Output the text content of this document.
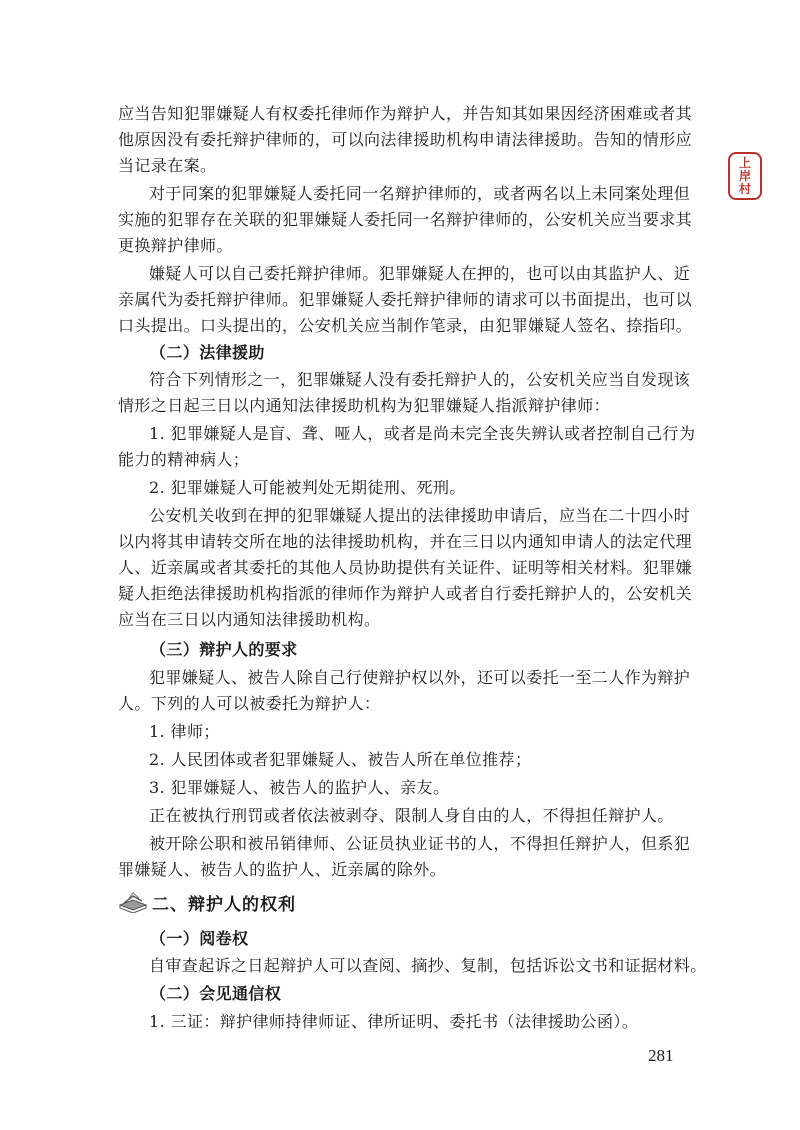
上
岸
村
应当告知犯罪嫌疑人有权委托律师作为辩护人，并告知其如果因经济困难或者其
他原因没有委托辩护律师的，可以向法律援助机构申请法律援助。告知的情形应
当记录在案。
对于同案的犯罪嫌疑人委托同一名辩护律师的，或者两名以上未同案处理但
实施的犯罪存在关联的犯罪嫌疑人委托同一名辩护律师的，公安机关应当要求其
更换辩护律师。
嫌疑人可以自己委托辩护律师。犯罪嫌疑人在押的，也可以由其监护人、近
亲属代为委托辩护律师。犯罪嫌疑人委托辩护律师的请求可以书面提出，也可以
口头提出。口头提出的，公安机关应当制作笔录，由犯罪嫌疑人签名、捺指印。
（二）法律援助
符合下列情形之一，犯罪嫌疑人没有委托辩护人的，公安机关应当自发现该
情形之日起三日以内通知法律援助机构为犯罪嫌疑人指派辩护律师：
1. 犯罪嫌疑人是盲、聋、哑人，或者是尚未完全丧失辨认或者控制自己行为
能力的精神病人；
2. 犯罪嫌疑人可能被判处无期徒刑、死刑。
公安机关收到在押的犯罪嫌疑人提出的法律援助申请后，应当在二十四小时
以内将其申请转交所在地的法律援助机构，并在三日以内通知申请人的法定代理
人、近亲属或者其委托的其他人员协助提供有关证件、证明等相关材料。犯罪嫌
疑人拒绝法律援助机构指派的律师作为辩护人或者自行委托辩护人的，公安机关
应当在三日以内通知法律援助机构。
（三）辩护人的要求
犯罪嫌疑人、被告人除自己行使辩护权以外，还可以委托一至二人作为辩护
人。下列的人可以被委托为辩护人：
1. 律师；
2. 人民团体或者犯罪嫌疑人、被告人所在单位推荐；
3. 犯罪嫌疑人、被告人的监护人、亲友。
正在被执行刑罚或者依法被剥夺、限制人身自由的人，不得担任辩护人。
被开除公职和被吊销律师、公证员执业证书的人，不得担任辩护人，但系犯
罪嫌疑人、被告人的监护人、近亲属的除外。
二、辩护人的权利
（一）阅卷权
自审查起诉之日起辩护人可以查阅、摘抄、复制，包括诉讼文书和证据材料。
（二）会见通信权
1. 三证：辩护律师持律师证、律所证明、委托书（法律援助公函）。
281
